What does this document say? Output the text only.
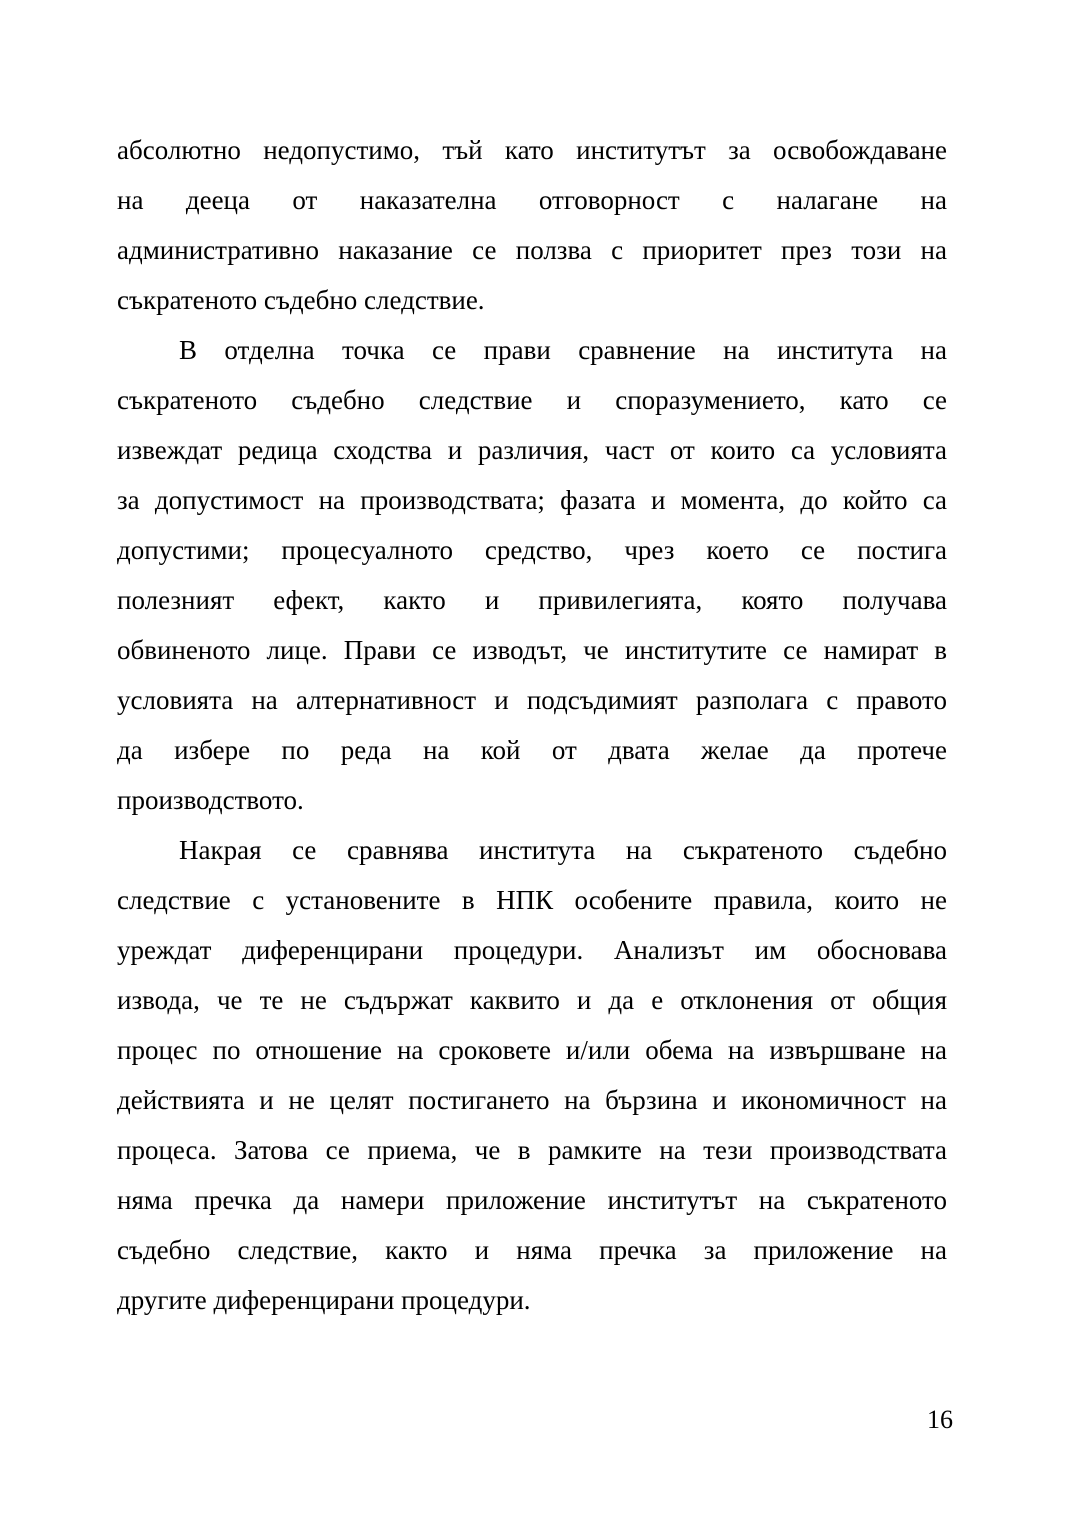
абсолютно недопустимо, тъй като институтът за освобождаване
на дееца от наказателна отговорност с налагане на
административно наказание се ползва с приоритет през този на
съкратеното съдебно следствие.
В отделна точка се прави сравнение на института на
съкратеното съдебно следствие и споразумението, като се
извеждат редица сходства и различия, част от които са условията
за допустимост на производствата; фазата и момента, до който са
допустими; процесуалното средство, чрез което се постига
полезният ефект, както и привилегията, която получава
обвиненото лице. Прави се изводът, че институтите се намират в
условията на алтернативност и подсъдимият разполага с правото
да избере по реда на кой от двата желае да протече
производството.
Накрая се сравнява института на съкратеното съдебно
следствие с установените в НПК особените правила, които не
уреждат диференцирани процедури. Анализът им обосновава
извода, че те не съдържат каквито и да е отклонения от общия
процес по отношение на сроковете и/или обема на извършване на
действията и не целят постигането на бързина и икономичност на
процеса. Затова се приема, че в рамките на тези производствата
няма пречка да намери приложение институтът на съкратеното
съдебно следствие, както и няма пречка за приложение на
другите диференцирани процедури.
16
